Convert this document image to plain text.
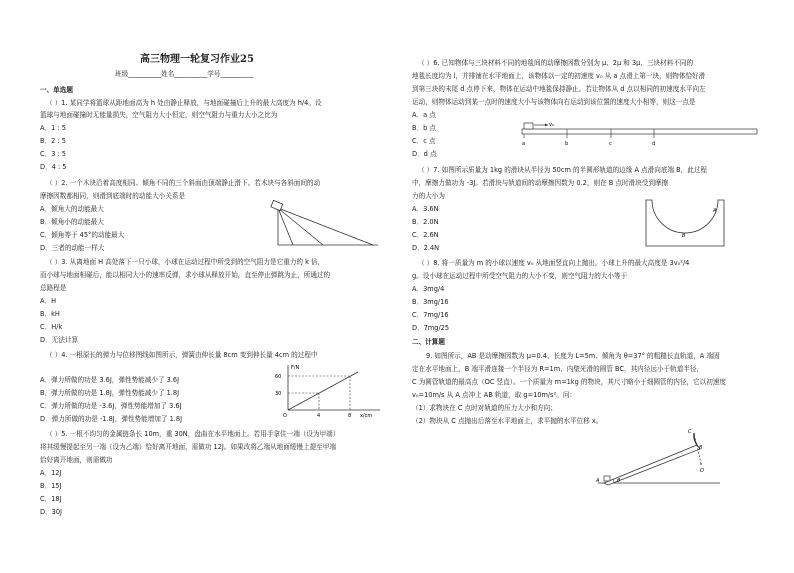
高三物理一轮复习作业25
班级__________姓名__________学号__________
一、单选题
（ ）1. 某同学将篮球从距地面高为 h 处由静止释放，与地面碰撞后上升的最大高度为 h/4。设
篮球与地面碰撞时无能量损失，空气阻力大小恒定，则空气阻力与重力大小之比为
A．1 : 5
B．2 : 5
C．3 : 5
D．4 : 5
（ ）2. 一个木块沿着高度相同、倾角不同的三个斜面由顶端静止滑下。若木块与各斜面间的动
摩擦因数都相同，则滑到底端时的动能大小关系是
A．倾角大的动能最大
B．倾角小的动能最大
C．倾角等于 45°的动能最大
D．三者的动能一样大
（ ）3. 从离地面 H 高处落下一只小球，小球在运动过程中所受到的空气阻力是它重力的 k 倍，
而小球与地面相碰后，能以相同大小的速率反弹，求小球从释放开始，直至停止弹跳为止，所通过的
总路程是
A．H
B．kH
C．H/k
D．无法计算
（ ）4. 一根原长的弹力与位移图线如图所示，弹簧由伸长量 8cm 变到伸长量 4cm 的过程中
A．弹力所做的功是 3.6J，弹性势能减少了 3.6J
B．弹力所做的功是 1.8J，弹性势能减少了 1.8J
C．弹力所做的功是 -3.6J，弹性势能增加了 3.6J
D．弹力所做的功是 -1.8J，弹性势能增加了 1.8J
F/N
60
30
O	4	8 x/cm
（ ）5. 一根不均匀的金属链条长 10m，重 30N，盘曲在水平地面上。若用手拿住一端（设为甲端）
将其缓慢提起至另一端（设为乙端）恰好离开地面，需做功 12J。如果改将乙端从地面缓慢上提至甲端
恰好离开地面，则需做功
A．12J
B．15J
C．18J
D．30J
（ ）6. 已知物体与三块材料不同的地毯间的动摩擦因数分别为 μ、2μ 和 3μ，三块材料不同的
地毯长度均为 l，并排铺在水平地面上，该物体以一定的初速度 v₀ 从 a 点滑上第一块，则物体恰好滑
到第三块的末尾 d 点停下来，物体在运动中地毯保持静止。若让物体从 d 点以相同的初速度水平向左
运动，则物体运动到某一点时的速度大小与该物体向右运动到该位置的速度大小相等，则这一点是
A．a 点
B．b 点
C．c 点
D．d 点
v₀
a	b	c	d
（ ）7. 如图所示质量为 1kg 的滑块从半径为 50cm 的半圆形轨道的边缘 A 点滑向底端 B，此过程
中，摩擦力做功为 -3J。若滑块与轨道间的动摩擦因数为 0.2，则在 B 点时滑块受到摩擦
力的大小为
A．3.6N
B．2.0N
C．2.6N
D．2.4N
A
B
（ ）8. 将一质量为 m 的小球以速度 v₀ 从地面竖直向上抛出，小球上升的最大高度是 3v₀²/4
g。设小球在运动过程中所受空气阻力的大小不变，则空气阻力的大小等于
A．3mg/4
B．3mg/16
C．7mg/16
D．7mg/25
二、计算题
9. 如图所示，AB 是动摩擦因数为 μ=0.4、长度为 L=5m、倾角为 θ=37° 的粗糙长直轨道，A 端固
定在水平地面上，B 端平滑连接一个半径为 R=1m、内壁光滑的圆管 BC，其内径远小于轨道半径，
C 为圆管轨道的最高点（OC 竖直）。一个质量为 m=1kg 的物块，其尺寸略小于细圆管的内径，它以初速度
v₀=10m/s 从 A 点冲上 AB 轨道，取 g=10m/s²。问：
（1）求物块在 C 点时对轨道的压力大小和方向；
（2）物块从 C 点抛出后落至水平地面上，求平抛的水平位移 x。
A	θ
B
C
O
